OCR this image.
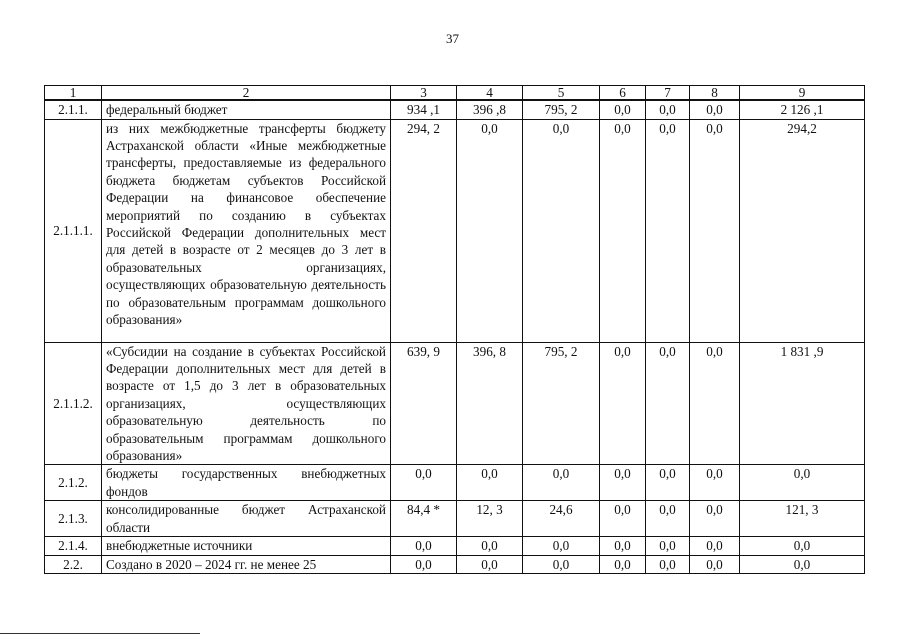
37
1	2	3	4	5	6	7	8	9
2.1.1.	федеральный бюджет	934 ,1	396 ,8	795, 2	0,0	0,0	0,0	2 126 ,1
2.1.1.1.	из них межбюджетные трансферты бюджету Астраханской области «Иные межбюджетные трансферты, предоставляемые из федерального бюджета бюджетам субъектов Российской Федерации на финансовое обеспечение мероприятий по созданию в субъектах Российской Федерации дополнительных мест для детей в возрасте от 2 месяцев до 3 лет в образовательных организациях, осуществляющих образовательную деятельность по образовательным программам дошкольного образования»	294, 2	0,0	0,0	0,0	0,0	0,0	294,2
2.1.1.2.	«Субсидии на создание в субъектах Российской Федерации дополнительных мест для детей в возрасте от 1,5 до 3 лет в образовательных организациях, осуществляющих образовательную деятельность по образовательным программам дошкольного образования»	639, 9	396, 8	795, 2	0,0	0,0	0,0	1 831 ,9
2.1.2.	бюджеты государственных внебюджетных фондов	0,0	0,0	0,0	0,0	0,0	0,0	0,0
2.1.3.	консолидированные бюджет Астраханской области	84,4 *	12, 3	24,6	0,0	0,0	0,0	121, 3
2.1.4.	внебюджетные источники	0,0	0,0	0,0	0,0	0,0	0,0	0,0
2.2.	Создано в 2020 – 2024 гг. не менее 25	0,0	0,0	0,0	0,0	0,0	0,0	0,0
